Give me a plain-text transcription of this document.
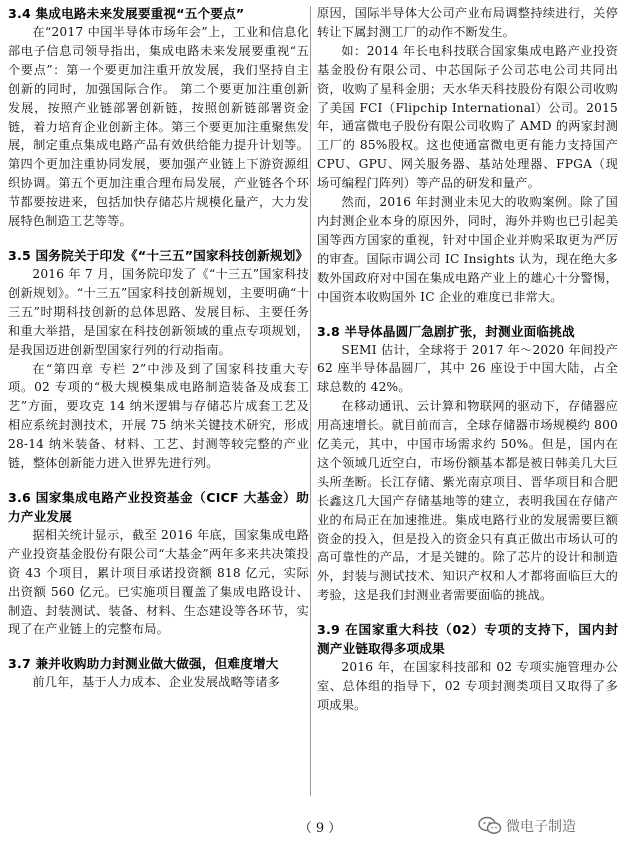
3.4 集成电路未来发展要重视“五个要点”

在“2017 中国半导体市场年会”上，工业和信息化部电子信息司领导指出，集成电路未来发展要重视“五个要点”：第一个要更加注重开放发展，我们坚持自主创新的同时，加强国际合作。 第二个要更加注重创新发展，按照产业链部署创新链，按照创新链部署资金链，着力培育企业创新主体。第三个要更加注重聚焦发展，制定重点集成电路产品有效供给能力提升计划等。 第四个更加注重协同发展，要加强产业链上下游资源组织协调。第五个更加注重合理布局发展，产业链各个环节都要按进来，包括加快存储芯片规模化量产，大力发展特色制造工艺等等。

3.5 国务院关于印发《“十三五”国家科技创新规划》

2016 年 7 月，国务院印发了《“十三五”国家科技创新规划》。“十三五”国家科技创新规划，主要明确“十三五”时期科技创新的总体思路、发展目标、主要任务和重大举措，是国家在科技创新领域的重点专项规划，是我国迈进创新型国家行列的行动指南。

在“第四章 专栏 2”中涉及到了国家科技重大专项。02 专项的“极大规模集成电路制造装备及成套工艺”方面，要攻克 14 纳米逻辑与存储芯片成套工艺及相应系统封测技术，开展 75 纳米关键技术研究，形成 28-14 纳米装备、材料、工艺、封测等较完整的产业链，整体创新能力进入世界先进行列。

3.6 国家集成电路产业投资基金（CICF 大基金）助力产业发展

据相关统计显示，截至 2016 年底，国家集成电路产业投资基金股份有限公司“大基金”两年多来共决策投资 43 个项目，累计项目承诺投资额 818 亿元，实际出资额 560 亿元。已实施项目覆盖了集成电路设计、制造、封装测试、装备、材料、生态建设等各环节，实现了在产业链上的完整布局。

3.7 兼并收购助力封测业做大做强，但难度增大

前几年，基于人力成本、企业发展战略等诸多

原因，国际半导体大公司产业布局调整持续进行，关停转让下属封测工厂的动作不断发生。

如：2014 年长电科技联合国家集成电路产业投资基金股份有限公司、中芯国际子公司芯电公司共同出资，收购了星科金朋；天水华天科技股份有限公司收购了美国 FCI（Flipchip International）公司。2015 年，通富微电子股份有限公司收购了 AMD 的两家封测工厂的 85%股权。这也使通富微电更有能力支持国产 CPU、GPU、网关服务器、基站处理器、FPGA（现场可编程门阵列）等产品的研发和量产。

然而，2016 年封测业未见大的收购案例。除了国内封测企业本身的原因外，同时，海外并购也已引起美国等西方国家的重视，针对中国企业并购采取更为严厉的审查。国际市调公司 IC Insights 认为，现在绝大多数外国政府对中国在集成电路产业上的雄心十分警惕，中国资本收购国外 IC 企业的难度已非常大。

3.8 半导体晶圆厂急剧扩张，封测业面临挑战

SEMI 估计，全球将于 2017 年～2020 年间投产 62 座半导体晶圆厂，其中 26 座设于中国大陆，占全球总数的 42%。

在移动通讯、云计算和物联网的驱动下，存储器应用高速增长。就目前而言，全球存储器市场规模约 800 亿美元，其中，中国市场需求约 50%。但是，国内在这个领域几近空白，市场份额基本都是被日韩美几大巨头所垄断。长江存储、紫光南京项目、晋华项目和合肥长鑫这几大国产存储基地等的建立，表明我国在存储产业的布局正在加速推进。集成电路行业的发展需要巨额资金的投入，但是投入的资金只有真正做出市场认可的高可靠性的产品，才是关键的。除了芯片的设计和制造外，封装与测试技术、知识产权和人才都将面临巨大的考验，这是我们封测业者需要面临的挑战。

3.9 在国家重大科技（02）专项的支持下，国内封测产业链取得多项成果

2016 年，在国家科技部和 02 专项实施管理办公室、总体组的指导下，02 专项封测类项目又取得了多项成果。

（ 9 ）	微电子制造
